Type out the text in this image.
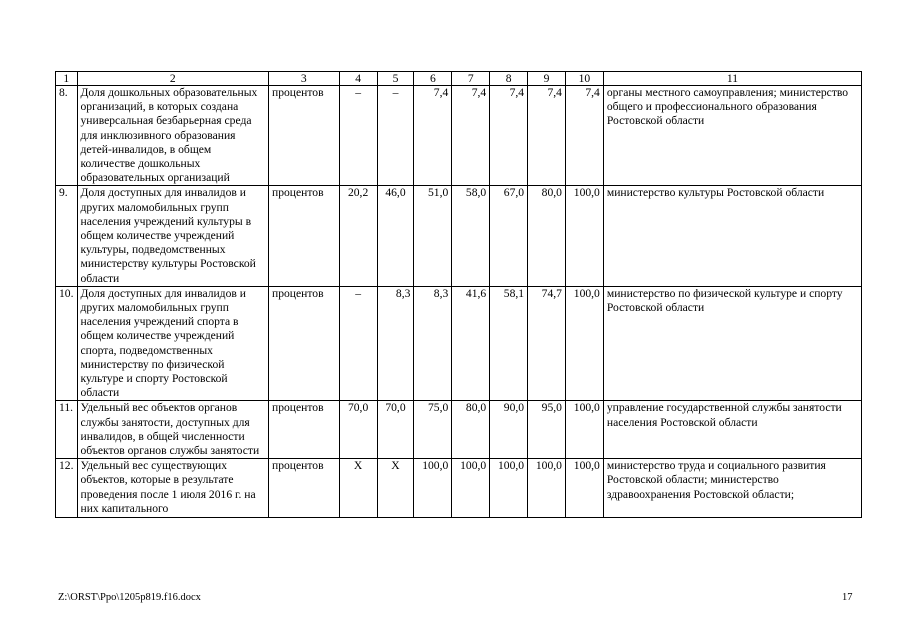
1	2	3	4	5	6	7	8	9	10	11
8.	Доля дошкольных образовательных организаций, в которых создана универсальная безбарьерная среда для инклюзивного образования детей-инвалидов, в общем количестве дошкольных образовательных организаций	процентов	–	–	7,4	7,4	7,4	7,4	7,4	органы местного самоуправления; министерство общего и профессионального образования Ростовской области
9.	Доля доступных для инвалидов и других маломобильных групп населения учреждений культуры в общем количестве учреждений культуры, подведомственных министерству культуры Ростовской области	процентов	20,2	46,0	51,0	58,0	67,0	80,0	100,0	министерство культуры Ростовской области
10.	Доля доступных для инвалидов и других маломобильных групп населения учреждений спорта в общем количестве учреждений спорта, подведомственных министерству по физической культуре и спорту Ростовской области	процентов	–	8,3	8,3	41,6	58,1	74,7	100,0	министерство по физической культуре и спорту Ростовской области
11.	Удельный вес объектов органов службы занятости, доступных для инвалидов, в общей численности объектов органов службы занятости	процентов	70,0	70,0	75,0	80,0	90,0	95,0	100,0	управление государственной службы занятости населения Ростовской области
12.	Удельный вес существующих объектов, которые в результате проведения после 1 июля 2016 г. на них капитального	процентов	Х	Х	100,0	100,0	100,0	100,0	100,0	министерство труда и социального развития Ростовской области; министерство здравоохранения Ростовской области;
Z:\ORST\Ppo\1205p819.f16.docx	17
